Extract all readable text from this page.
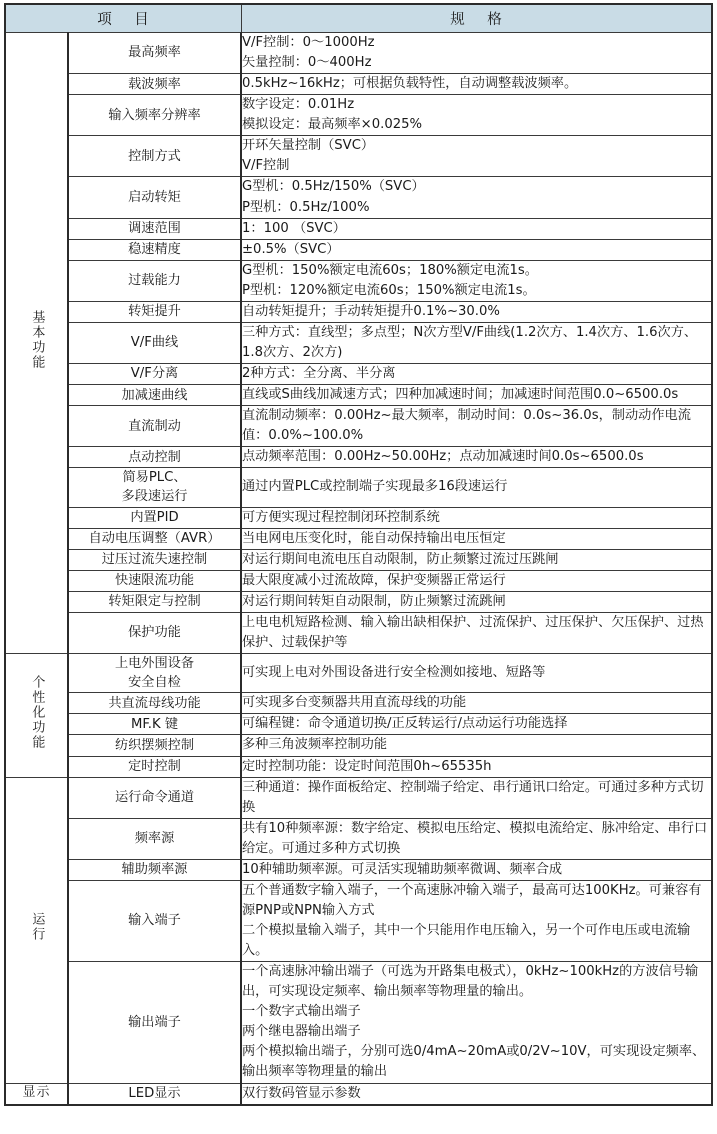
项 目		规 格
基本功能	最高频率	V/F控制：0～1000Hz
矢量控制：0～400Hz

	载波频率	0.5kHz~16kHz；可根据负载特性，自动调整载波频率。

	输入频率分辨率	数字设定：0.01Hz
模拟设定：最高频率×0.025%

	控制方式	开环矢量控制（SVC）
V/F控制

	启动转矩	G型机：0.5Hz/150%（SVC）
P型机：0.5Hz/100%

	调速范围	1：100 （SVC）

	稳速精度	±0.5%（SVC）

	过载能力	G型机：150%额定电流60s；180%额定电流1s。
P型机：120%额定电流60s；150%额定电流1s。

	转矩提升	自动转矩提升；手动转矩提升0.1%~30.0%

	V/F曲线	三种方式：直线型；多点型；N次方型V/F曲线(1.2次方、1.4次方、1.6次方、1.8次方、2次方)

	V/F分离	2种方式：全分离、半分离

	加减速曲线	直线或S曲线加减速方式；四种加减速时间；加减速时间范围0.0~6500.0s

	直流制动	直流制动频率：0.00Hz~最大频率，制动时间：0.0s~36.0s，制动动作电流值：0.0%~100.0%

	点动控制	点动频率范围：0.00Hz~50.00Hz；点动加减速时间0.0s~6500.0s

	简易PLC、
多段速运行	通过内置PLC或控制端子实现最多16段速运行

	内置PID	可方便实现过程控制闭环控制系统

	自动电压调整（AVR）	当电网电压变化时，能自动保持输出电压恒定

	过压过流失速控制	对运行期间电流电压自动限制，防止频繁过流过压跳闸

	快速限流功能	最大限度减小过流故障，保护变频器正常运行

	转矩限定与控制	对运行期间转矩自动限制，防止频繁过流跳闸

	保护功能	上电电机短路检测、输入输出缺相保护、过流保护、过压保护、欠压保护、过热保护、过载保护等

个性化功能	上电外围设备
安全自检	可实现上电对外围设备进行安全检测如接地、短路等

	共直流母线功能	可实现多台变频器共用直流母线的功能

	MF.K 键	可编程键：命令通道切换/正反转运行/点动运行功能选择

	纺织摆频控制	多种三角波频率控制功能

	定时控制	定时控制功能：设定时间范围0h~65535h

运行	运行命令通道	三种通道：操作面板给定、控制端子给定、串行通讯口给定。可通过多种方式切换

	频率源	共有10种频率源：数字给定、模拟电压给定、模拟电流给定、脉冲给定、串行口给定。可通过多种方式切换

	辅助频率源	10种辅助频率源。可灵活实现辅助频率微调、频率合成

	输入端子	五个普通数字输入端子，一个高速脉冲输入端子，最高可达100KHz。可兼容有源PNP或NPN输入方式
二个模拟量输入端子，其中一个只能用作电压输入，另一个可作电压或电流输入。

	输出端子	一个高速脉冲输出端子（可选为开路集电极式），0kHz~100kHz的方波信号输出，可实现设定频率、输出频率等物理量的输出。
一个数字式输出端子
两个继电器输出端子
两个模拟输出端子，分别可选0/4mA~20mA或0/2V~10V，可实现设定频率、输出频率等物理量的输出

显示	LED显示	双行数码管显示参数
